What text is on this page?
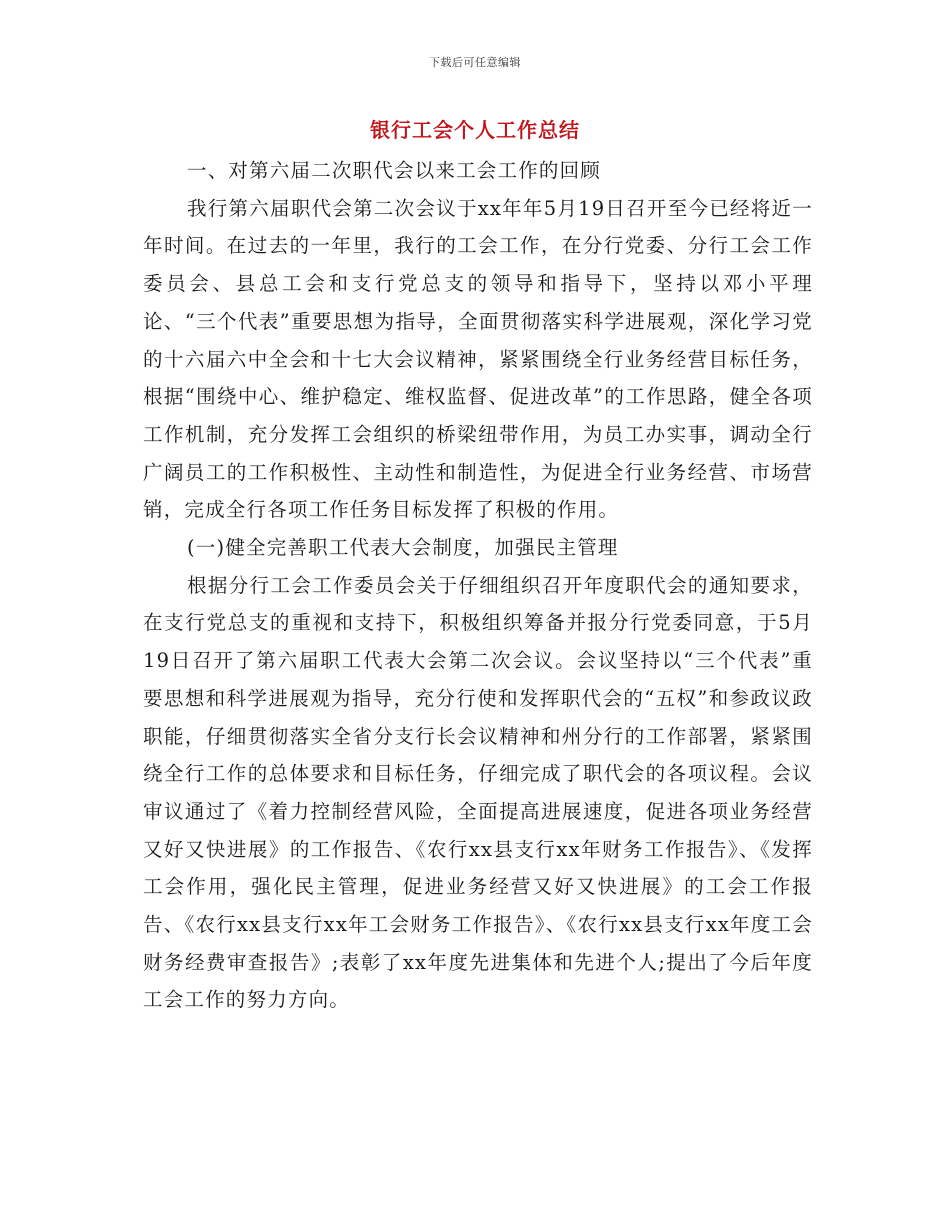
下载后可任意编辑
银行工会个人工作总结

一、对第六届二次职代会以来工会工作的回顾

我行第六届职代会第二次会议于xx年年5月19日召开至今已经将近一年时间。在过去的一年里，我行的工会工作，在分行党委、分行工会工作委员会、县总工会和支行党总支的领导和指导下，坚持以邓小平理论、“三个代表”重要思想为指导，全面贯彻落实科学进展观，深化学习党的十六届六中全会和十七大会议精神，紧紧围绕全行业务经营目标任务，根据“围绕中心、维护稳定、维权监督、促进改革”的工作思路，健全各项工作机制，充分发挥工会组织的桥梁纽带作用，为员工办实事，调动全行广阔员工的工作积极性、主动性和制造性，为促进全行业务经营、市场营销，完成全行各项工作任务目标发挥了积极的作用。

(一)健全完善职工代表大会制度，加强民主管理

根据分行工会工作委员会关于仔细组织召开年度职代会的通知要求，在支行党总支的重视和支持下，积极组织筹备并报分行党委同意，于5月19日召开了第六届职工代表大会第二次会议。会议坚持以“三个代表”重要思想和科学进展观为指导，充分行使和发挥职代会的“五权”和参政议政职能，仔细贯彻落实全省分支行长会议精神和州分行的工作部署，紧紧围绕全行工作的总体要求和目标任务，仔细完成了职代会的各项议程。会议审议通过了《着力控制经营风险，全面提高进展速度，促进各项业务经营又好又快进展》的工作报告、《农行xx县支行xx年财务工作报告》、《发挥工会作用，强化民主管理，促进业务经营又好又快进展》的工会工作报告、《农行xx县支行xx年工会财务工作报告》、《农行xx县支行xx年度工会财务经费审查报告》;表彰了xx年度先进集体和先进个人;提出了今后年度工会工作的努力方向。
